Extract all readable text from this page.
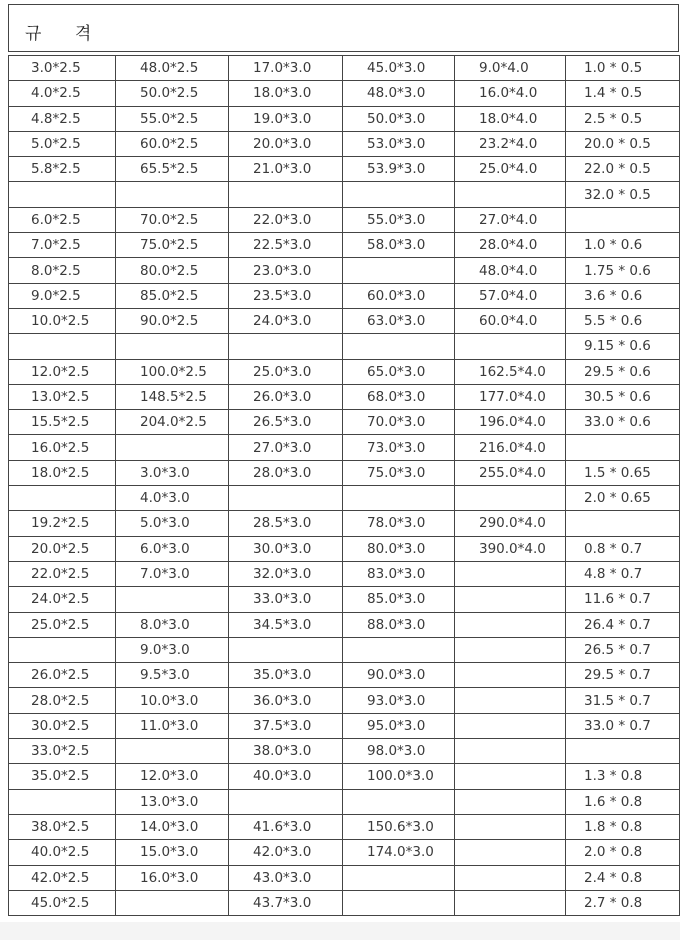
규 격
3.0*2.5	48.0*2.5	17.0*3.0	45.0*3.0	9.0*4.0	1.0 * 0.5
4.0*2.5	50.0*2.5	18.0*3.0	48.0*3.0	16.0*4.0	1.4 * 0.5
4.8*2.5	55.0*2.5	19.0*3.0	50.0*3.0	18.0*4.0	2.5 * 0.5
5.0*2.5	60.0*2.5	20.0*3.0	53.0*3.0	23.2*4.0	20.0 * 0.5
5.8*2.5	65.5*2.5	21.0*3.0	53.9*3.0	25.0*4.0	22.0 * 0.5
					32.0 * 0.5
6.0*2.5	70.0*2.5	22.0*3.0	55.0*3.0	27.0*4.0	
7.0*2.5	75.0*2.5	22.5*3.0	58.0*3.0	28.0*4.0	1.0 * 0.6
8.0*2.5	80.0*2.5	23.0*3.0		48.0*4.0	1.75 * 0.6
9.0*2.5	85.0*2.5	23.5*3.0	60.0*3.0	57.0*4.0	3.6 * 0.6
10.0*2.5	90.0*2.5	24.0*3.0	63.0*3.0	60.0*4.0	5.5 * 0.6
					9.15 * 0.6
12.0*2.5	100.0*2.5	25.0*3.0	65.0*3.0	162.5*4.0	29.5 * 0.6
13.0*2.5	148.5*2.5	26.0*3.0	68.0*3.0	177.0*4.0	30.5 * 0.6
15.5*2.5	204.0*2.5	26.5*3.0	70.0*3.0	196.0*4.0	33.0 * 0.6
16.0*2.5		27.0*3.0	73.0*3.0	216.0*4.0	
18.0*2.5	3.0*3.0	28.0*3.0	75.0*3.0	255.0*4.0	1.5 * 0.65
	4.0*3.0				2.0 * 0.65
19.2*2.5	5.0*3.0	28.5*3.0	78.0*3.0	290.0*4.0	
20.0*2.5	6.0*3.0	30.0*3.0	80.0*3.0	390.0*4.0	0.8 * 0.7
22.0*2.5	7.0*3.0	32.0*3.0	83.0*3.0		4.8 * 0.7
24.0*2.5		33.0*3.0	85.0*3.0		11.6 * 0.7
25.0*2.5	8.0*3.0	34.5*3.0	88.0*3.0		26.4 * 0.7
	9.0*3.0				26.5 * 0.7
26.0*2.5	9.5*3.0	35.0*3.0	90.0*3.0		29.5 * 0.7
28.0*2.5	10.0*3.0	36.0*3.0	93.0*3.0		31.5 * 0.7
30.0*2.5	11.0*3.0	37.5*3.0	95.0*3.0		33.0 * 0.7
33.0*2.5		38.0*3.0	98.0*3.0		
35.0*2.5	12.0*3.0	40.0*3.0	100.0*3.0		1.3 * 0.8
	13.0*3.0				1.6 * 0.8
38.0*2.5	14.0*3.0	41.6*3.0	150.6*3.0		1.8 * 0.8
40.0*2.5	15.0*3.0	42.0*3.0	174.0*3.0		2.0 * 0.8
42.0*2.5	16.0*3.0	43.0*3.0			2.4 * 0.8
45.0*2.5		43.7*3.0			2.7 * 0.8
